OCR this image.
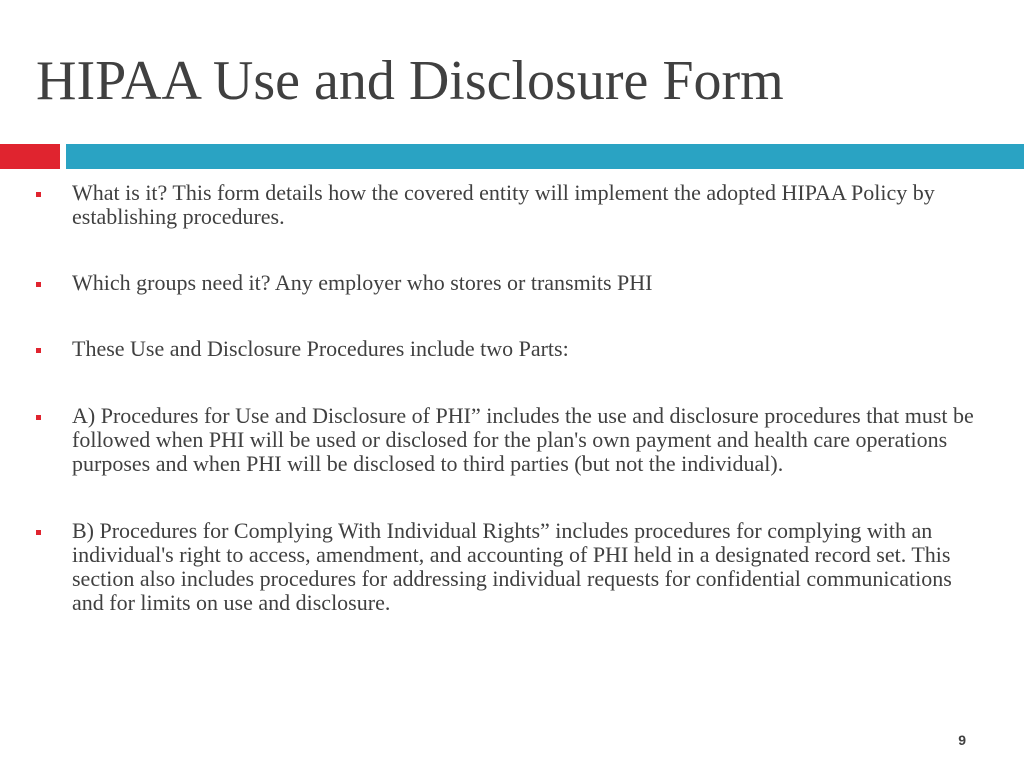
HIPAA Use and Disclosure Form
What is it? This form details how the covered entity will implement the adopted HIPAA Policy by establishing procedures.
Which groups need it? Any employer who stores or transmits PHI
These Use and Disclosure Procedures include two Parts:
A) Procedures for Use and Disclosure of PHI” includes the use and disclosure procedures that must be followed when PHI will be used or disclosed for the plan's own payment and health care operations purposes and when PHI will be disclosed to third parties (but not the individual).
B) Procedures for Complying With Individual Rights” includes procedures for complying with an individual's right to access, amendment, and accounting of PHI held in a designated record set. This section also includes procedures for addressing individual requests for confidential communications and for limits on use and disclosure.
9
